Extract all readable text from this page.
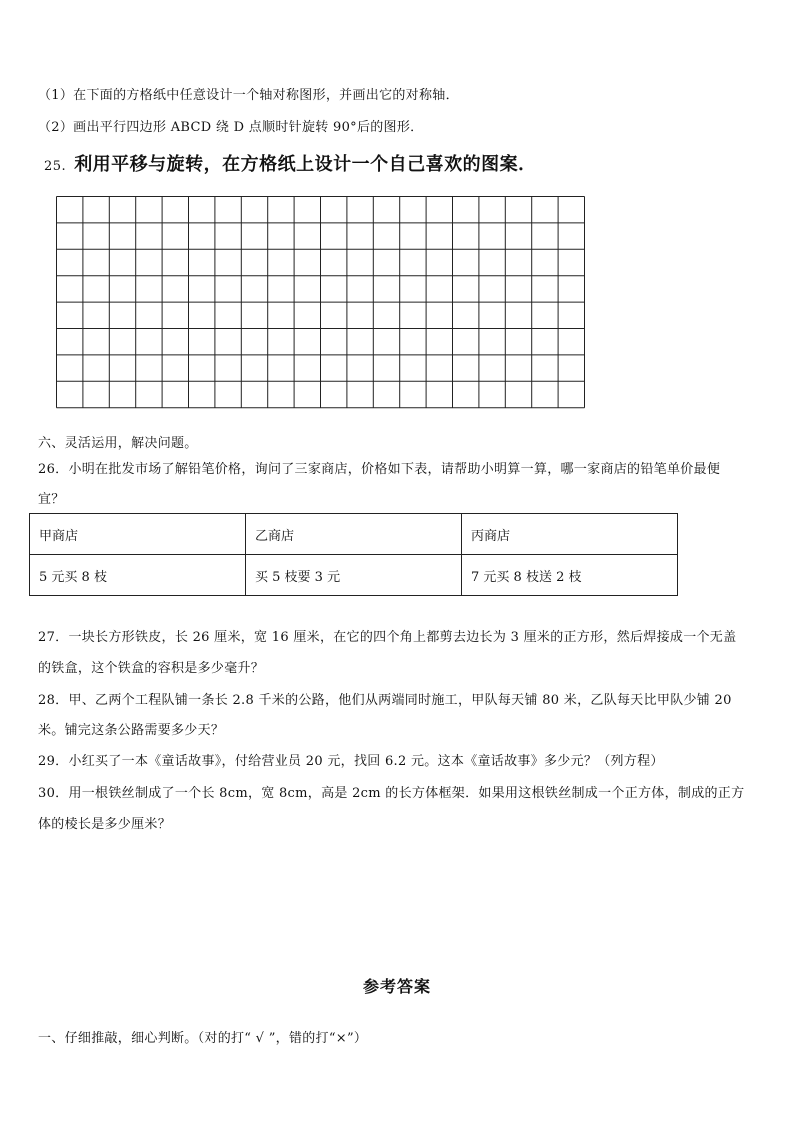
（1）在下面的方格纸中任意设计一个轴对称图形，并画出它的对称轴．
（2）画出平行四边形 ABCD 绕 D 点顺时针旋转 90°后的图形．
25. 利用平移与旋转，在方格纸上设计一个自己喜欢的图案．
六、灵活运用，解决问题。
26．小明在批发市场了解铅笔价格，询问了三家商店，价格如下表，请帮助小明算一算，哪一家商店的铅笔单价最便
宜？
甲商店	乙商店	丙商店
5 元买 8 枝	买 5 枝要 3 元	7 元买 8 枝送 2 枝
27．一块长方形铁皮，长 26 厘米，宽 16 厘米，在它的四个角上都剪去边长为 3 厘米的正方形，然后焊接成一个无盖
的铁盒，这个铁盒的容积是多少毫升？
28．甲、乙两个工程队铺一条长 2.8 千米的公路，他们从两端同时施工，甲队每天铺 80 米，乙队每天比甲队少铺 20
米。铺完这条公路需要多少天？
29．小红买了一本《童话故事》，付给营业员 20 元，找回 6.2 元。这本《童话故事》多少元？（列方程）
30．用一根铁丝制成了一个长 8cm，宽 8cm，高是 2cm 的长方体框架．如果用这根铁丝制成一个正方体，制成的正方
体的棱长是多少厘米？
参考答案
一、仔细推敲，细心判断。（对的打“ √ ”，错的打“×”）
